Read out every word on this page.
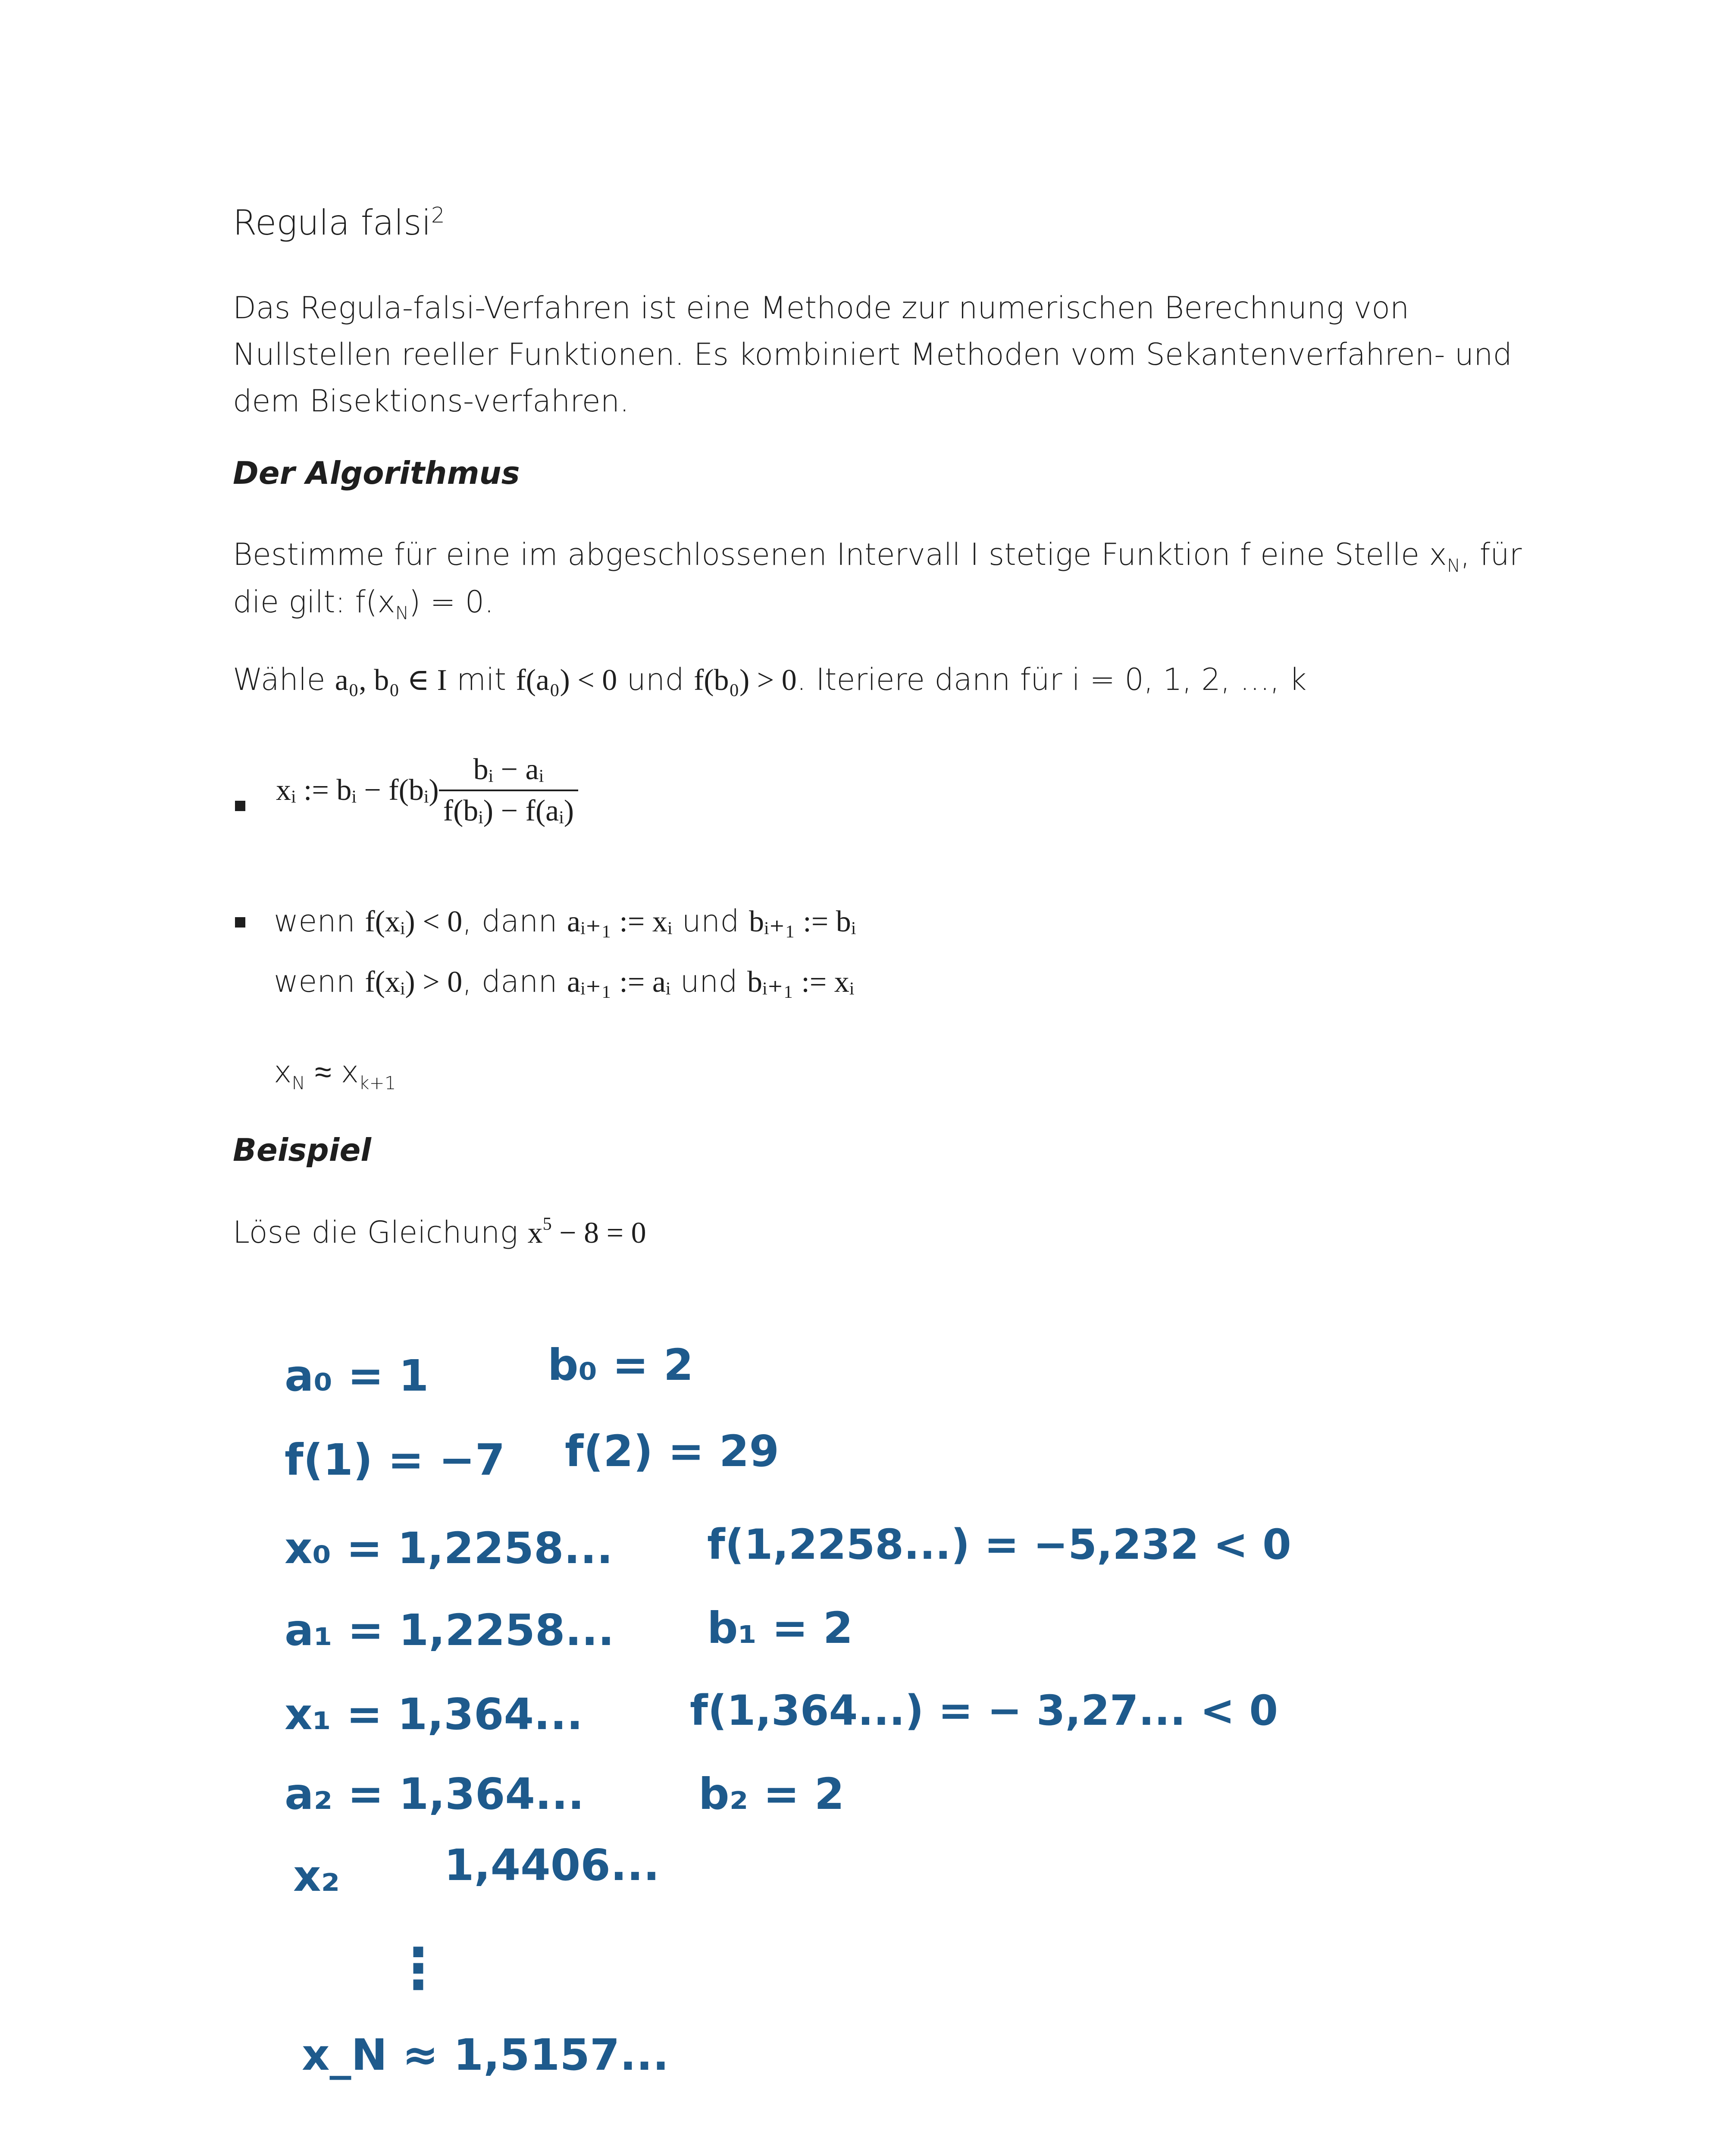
Regula falsi$^2$
Das Regula-falsi-Verfahren ist eine Methode zur numerischen Berechnung von Nullstellen reeller Funktionen. Es kombiniert Methoden vom Sekantenverfahren- und dem Bisektions-verfahren.
Der Algorithmus
Bestimme für eine im abgeschlossenen Intervall I stetige Funktion f eine Stelle $x_N$, für
die gilt: $f(x_N) = 0$.
Wähle a₀, b₀ ∈ I mit f(a₀) < 0 und f(b₀) > 0. Iteriere dann für i = 0, 1, 2, …, k
xᵢ := bᵢ − f(bᵢ) $\frac{\text{bᵢ − aᵢ}}{\text{f(bᵢ) − f(aᵢ)}}$
wenn f(xᵢ) < 0, dann aᵢ₊₁ := xᵢ und bᵢ₊₁ := bᵢ
wenn f(xᵢ) > 0, dann aᵢ₊₁ := aᵢ und bᵢ₊₁ := xᵢ
$x_N \approx x_{k+1}$
Beispiel
Löse die Gleichung $x^5 - 8 = 0$
a₀ = 1	b₀ = 2
f(1) = −7 f(2) = 29
x₀ = 1,2258... f(1,2258...) = −5,232 < 0
a₁ = 1,2258... b₁ = 2
x₁ = 1,364...	f(1,364...) = − 3,27... < 0
a₂ = 1,364...	b₂ = 2
x₂ 1,4406...
⋮
x_N ≈ 1,5157...
